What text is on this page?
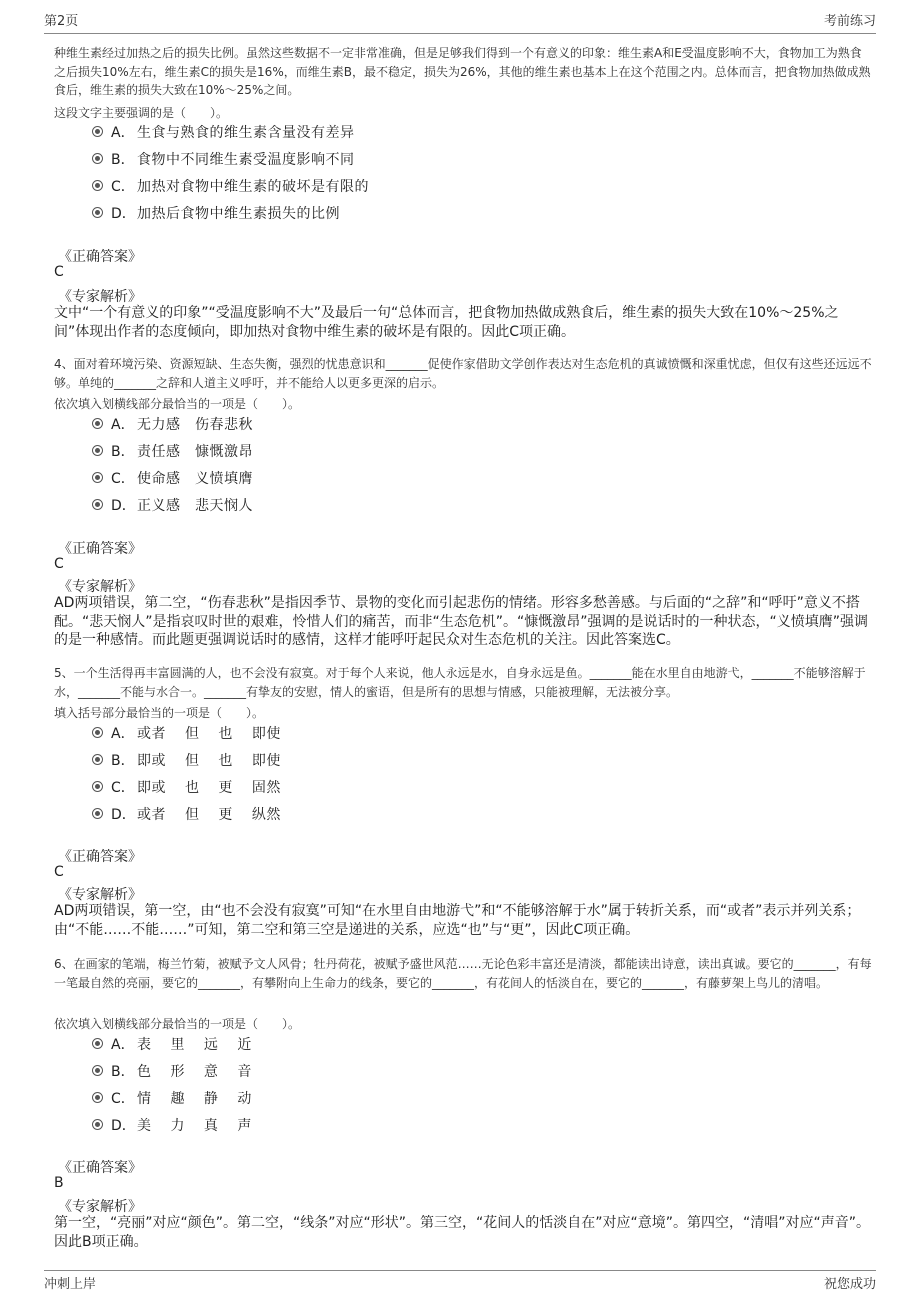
第2页	考前练习
种维生素经过加热之后的损失比例。虽然这些数据不一定非常准确，但是足够我们得到一个有意义的印象：维生素A和E受温度影响不大，食物加工为熟食之后损失10%左右，维生素C的损失是16%，而维生素B，最不稳定，损失为26%，其他的维生素也基本上在这个范围之内。总体而言，把食物加热做成熟食后，维生素的损失大致在10%～25%之间。
这段文字主要强调的是（　　）。
A． 生食与熟食的维生素含量没有差异
B． 食物中不同维生素受温度影响不同
C． 加热对食物中维生素的破坏是有限的
D． 加热后食物中维生素损失的比例
《正确答案》
C
《专家解析》
文中“一个有意义的印象”“受温度影响不大”及最后一句“总体而言，把食物加热做成熟食后，维生素的损失大致在10%～25%之间”体现出作者的态度倾向，即加热对食物中维生素的破坏是有限的。因此C项正确。
4、面对着环境污染、资源短缺、生态失衡，强烈的忧患意识和_______促使作家借助文学创作表达对生态危机的真诚愤慨和深重忧虑，但仅有这些还远远不够。单纯的_______之辞和人道主义呼吁，并不能给人以更多更深的启示。
依次填入划横线部分最恰当的一项是（　　）。
A． 无力感　伤春悲秋
B． 责任感　慷慨激昂
C． 使命感　义愤填膺
D． 正义感　悲天悯人
《正确答案》
C
《专家解析》
AD两项错误，第二空，“伤春悲秋”是指因季节、景物的变化而引起悲伤的情绪。形容多愁善感。与后面的“之辞”和“呼吁”意义不搭配。“悲天悯人”是指哀叹时世的艰难，怜惜人们的痛苦，而非“生态危机”。“慷慨激昂”强调的是说话时的一种状态，“义愤填膺”强调的是一种感情。而此题更强调说话时的感情，这样才能呼吁起民众对生态危机的关注。因此答案选C。
5、一个生活得再丰富圆满的人，也不会没有寂寞。对于每个人来说，他人永远是水，自身永远是鱼。_______能在水里自由地游弋，_______不能够溶解于水，_______不能与水合一。_______有挚友的安慰，情人的蜜语，但是所有的思想与情感，只能被理解，无法被分享。
填入括号部分最恰当的一项是（　　）。
A． 或者 但 也 即使
B． 即或 但 也 即使
C． 即或 也 更 固然
D． 或者 但 更 纵然
《正确答案》
C
《专家解析》
AD两项错误，第一空，由“也不会没有寂寞”可知“在水里自由地游弋”和“不能够溶解于水”属于转折关系，而“或者”表示并列关系；由“不能……不能……”可知，第二空和第三空是递进的关系，应选“也”与“更”，因此C项正确。
6、在画家的笔端，梅兰竹菊，被赋予文人风骨；牡丹荷花，被赋予盛世风范……无论色彩丰富还是清淡，都能读出诗意，读出真诚。要它的_______，有每一笔最自然的亮丽，要它的_______，有攀附向上生命力的线条，要它的_______，有花间人的恬淡自在，要它的_______，有藤萝架上鸟儿的清唱。
依次填入划横线部分最恰当的一项是（　　）。
A． 表 里 远 近
B． 色 形 意 音
C． 情 趣 静 动
D． 美 力 真 声
《正确答案》
B
《专家解析》
第一空，“亮丽”对应“颜色”。第二空，“线条”对应“形状”。第三空，“花间人的恬淡自在”对应“意境”。第四空，“清唱”对应“声音”。因此B项正确。
冲刺上岸	祝您成功
